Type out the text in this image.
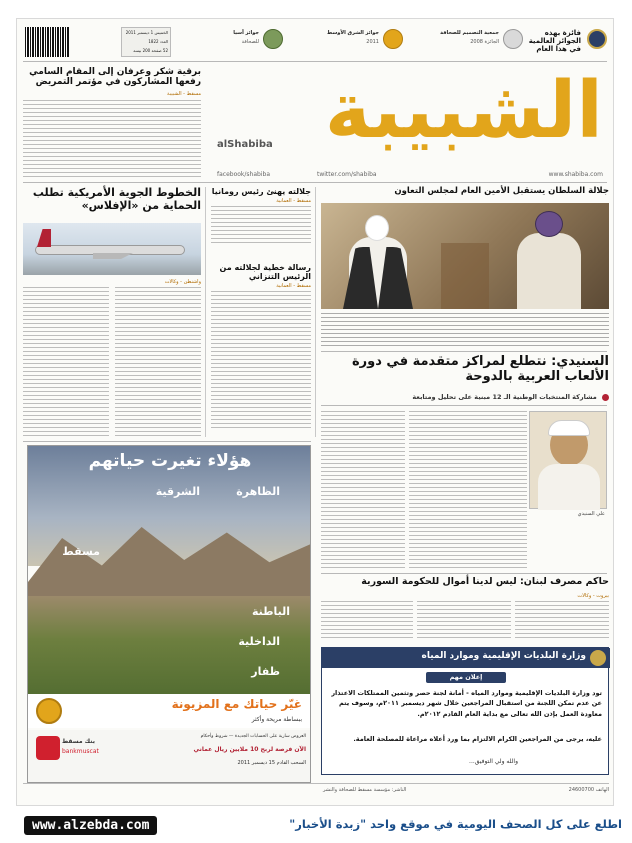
فائزة بهذه الجوائز العالمية في هذا العام
جمعية التصميم للصحافة
الجائزة 2008
جوائز الشرق الأوسط
2011
جوائز آسيا
للصحافة
الخميس 1 ديسمبر 2011
العدد 1822
52 صفحة 200 بيسة
برقية شكر وعرفان إلى المقام السامي رفعها المشاركون في مؤتمر التمريض
مسقط - الشبيبة	الشبيبة
alShabiba
www.shabiba.com
twitter.com/shabiba
facebook/shabiba
الخطوط الجوية الأمريكية تطلب الحماية من «الإفلاس»
واشنطن - وكالات
جلالته يهنئ رئيس رومانيا
مسقط - العمانية
رسالة خطية لجلالته من الرئيس التنزاني
مسقط - العمانية
جلالة السلطان يستقبل الأمين العام لمجلس التعاون
السنيدي: نتطلع لمراكز متقدمة في دورة الألعاب العربية بالدوحة
مشاركة المنتخبات الوطنية الـ 12 مبنية على تحليل ومتابعة
علي السنيدي
هؤلاء تغيرت حياتهم
الشرقية	الظاهرة
مسقط
الباطنة
الداخلية
ظفار
غيّر حياتك مع المزيونة
ببساطة مريحة وأكثر
العروض سارية على الحسابات الجديدة — شروط وأحكام
الآن فرصة لربح 10 ملايين ريال عماني
السحب القادم 15 ديسمبر 2011
بنك مسقط
bankmuscat
حاكم مصرف لبنان: ليس لدينا أموال للحكومة السورية
بيروت - وكالات
وزارة البلديات الإقليمية وموارد المياه
إعلان مهم
تود وزارة البلديات الإقليمية وموارد المياه - أمانة لجنة حصر وتثمين الممتلكات الاعتذار عن عدم تمكن اللجنة من استقبال المراجعين خلال شهر ديسمبر ٢٠١١م، وسوف يتم معاودة العمل بإذن الله تعالى مع بداية العام القادم ٢٠١٢م.
عليه، يرجى من المراجعين الكرام الالتزام بما ورد أعلاه مراعاة للمصلحة العامة.
والله ولي التوفيق...
الهاتف 24600700
الناشر: مؤسسة مسقط للصحافة والنشر
www.alzebda.com	اطلع على كل الصحف اليومية في موقع واحد "زبدة الأخبار"
